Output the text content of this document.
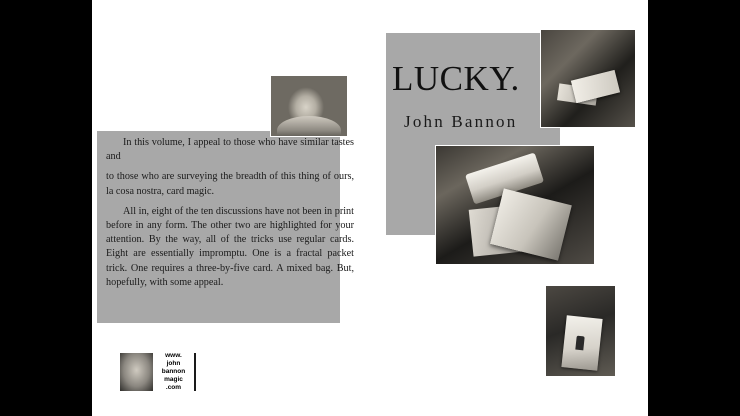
LUCKY.
John Bannon

In this volume, I appeal to those who have similar tastes and

to those who are surveying the breadth of this thing of ours, la cosa nostra, card magic.

All in, eight of the ten discussions have not been in print before in any form. The other two are highlighted for your attention. By the way, all of the tricks use regular cards. Eight are essentially impromptu. One is a fractal packet trick. One requires a three-by-five card. A mixed bag. But, hopefully, with some appeal.

www.
john
bannon
magic
.com
